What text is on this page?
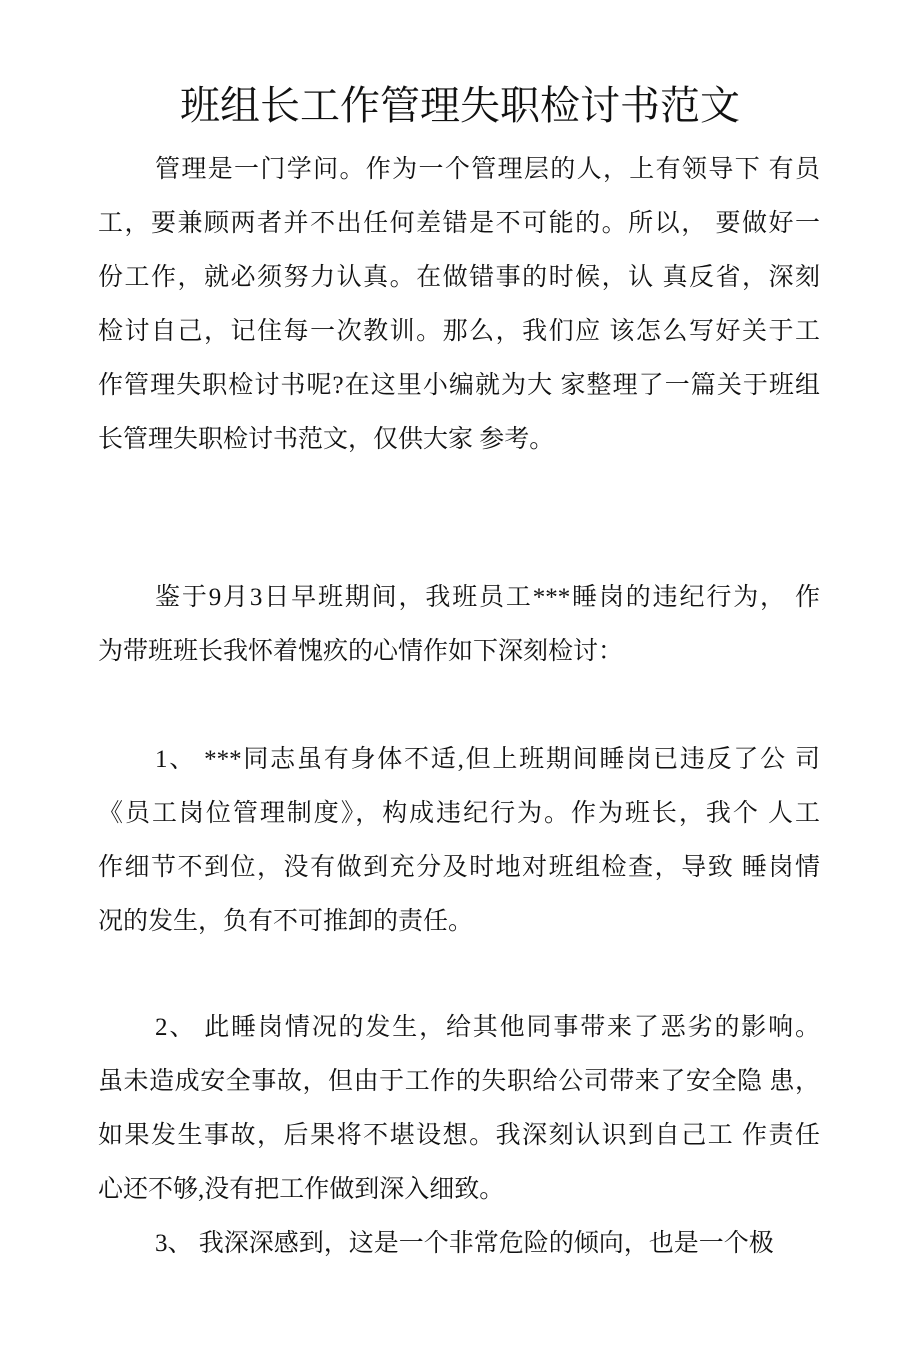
班组长工作管理失职检讨书范文
管理是一门学问。作为一个管理层的人，上有领导下 有员
工，要兼顾两者并不出任何差错是不可能的。所以， 要做好一
份工作，就必须努力认真。在做错事的时候，认 真反省，深刻
检讨自己，记住每一次教训。那么，我们应 该怎么写好关于工
作管理失职检讨书呢?在这里小编就为大 家整理了一篇关于班组
长管理失职检讨书范文，仅供大家 参考。
鉴于9月3日早班期间，我班员工***睡岗的违纪行为， 作
为带班班长我怀着愧疚的心情作如下深刻检讨：
1、 ***同志虽有身体不适,但上班期间睡岗已违反了公 司
《员工岗位管理制度》，构成违纪行为。作为班长，我个 人工
作细节不到位，没有做到充分及时地对班组检查，导致 睡岗情
况的发生，负有不可推卸的责任。
2、 此睡岗情况的发生，给其他同事带来了恶劣的影响。
虽未造成安全事故，但由于工作的失职给公司带来了安全隐 患，
如果发生事故，后果将不堪设想。我深刻认识到自己工 作责任
心还不够,没有把工作做到深入细致。
3、 我深深感到，这是一个非常危险的倾向，也是一个极
